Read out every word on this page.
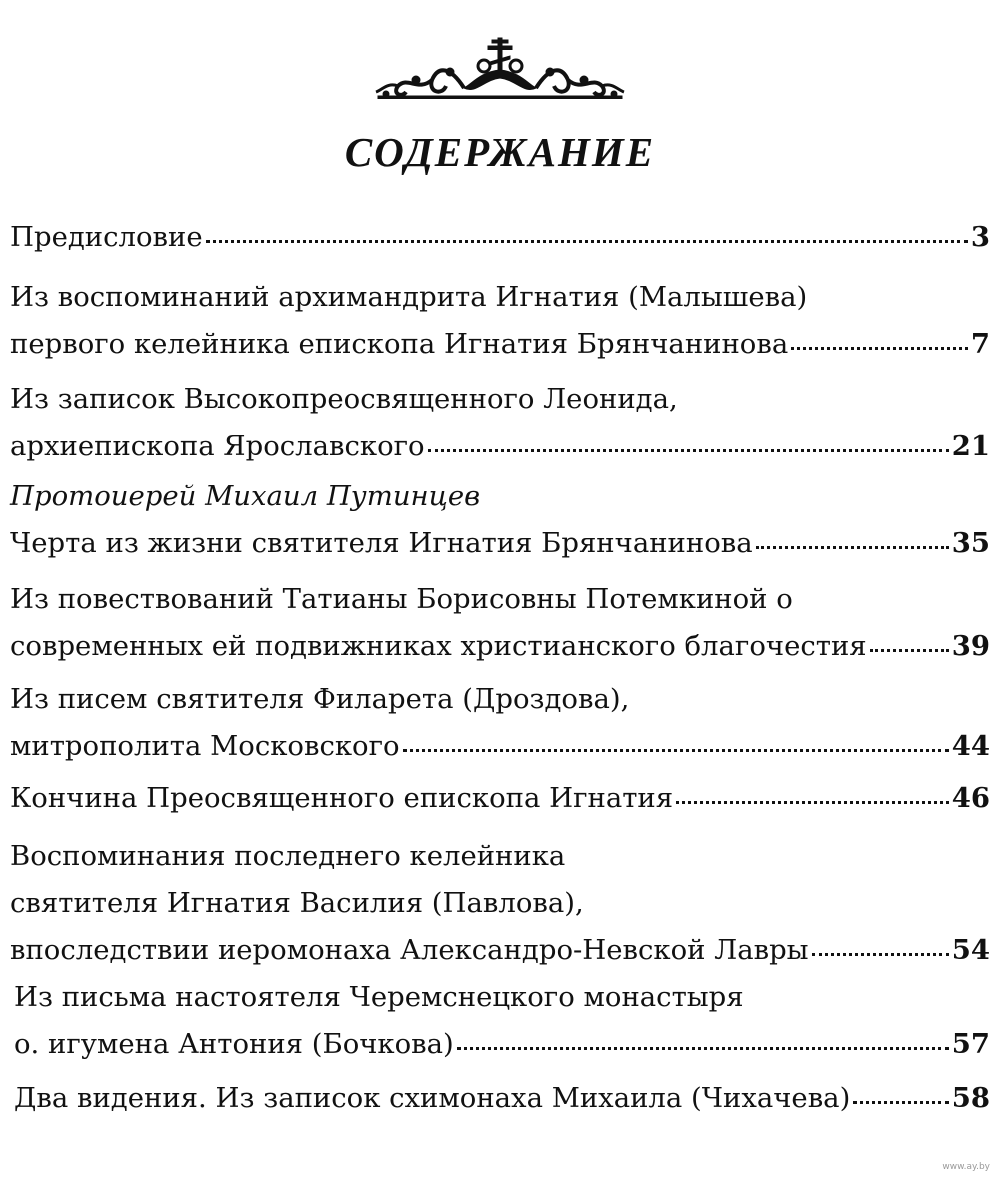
СОДЕРЖАНИЕ
Предисловие	3
Из воспоминаний архимандрита Игнатия (Малышева)
первого келейника епископа Игнатия Брянчанинова	7
Из записок Высокопреосвященного Леонида,
архиепископа Ярославского	21
Протоиерей Михаил Путинцев
Черта из жизни святителя Игнатия Брянчанинова	35
Из повествований Татианы Борисовны Потемкиной о
современных ей подвижниках христианского благочестия	39
Из писем святителя Филарета (Дроздова),
митрополита Московского	44
Кончина Преосвященного епископа Игнатия	46
Воспоминания последнего келейника
святителя Игнатия Василия (Павлова),
впоследствии иеромонаха Александро-Невской Лавры	54
Из письма настоятеля Черемснецкого монастыря
о. игумена Антония (Бочкова)	57
Два видения. Из записок схимонаха Михаила (Чихачева)	58
www.ay.by
